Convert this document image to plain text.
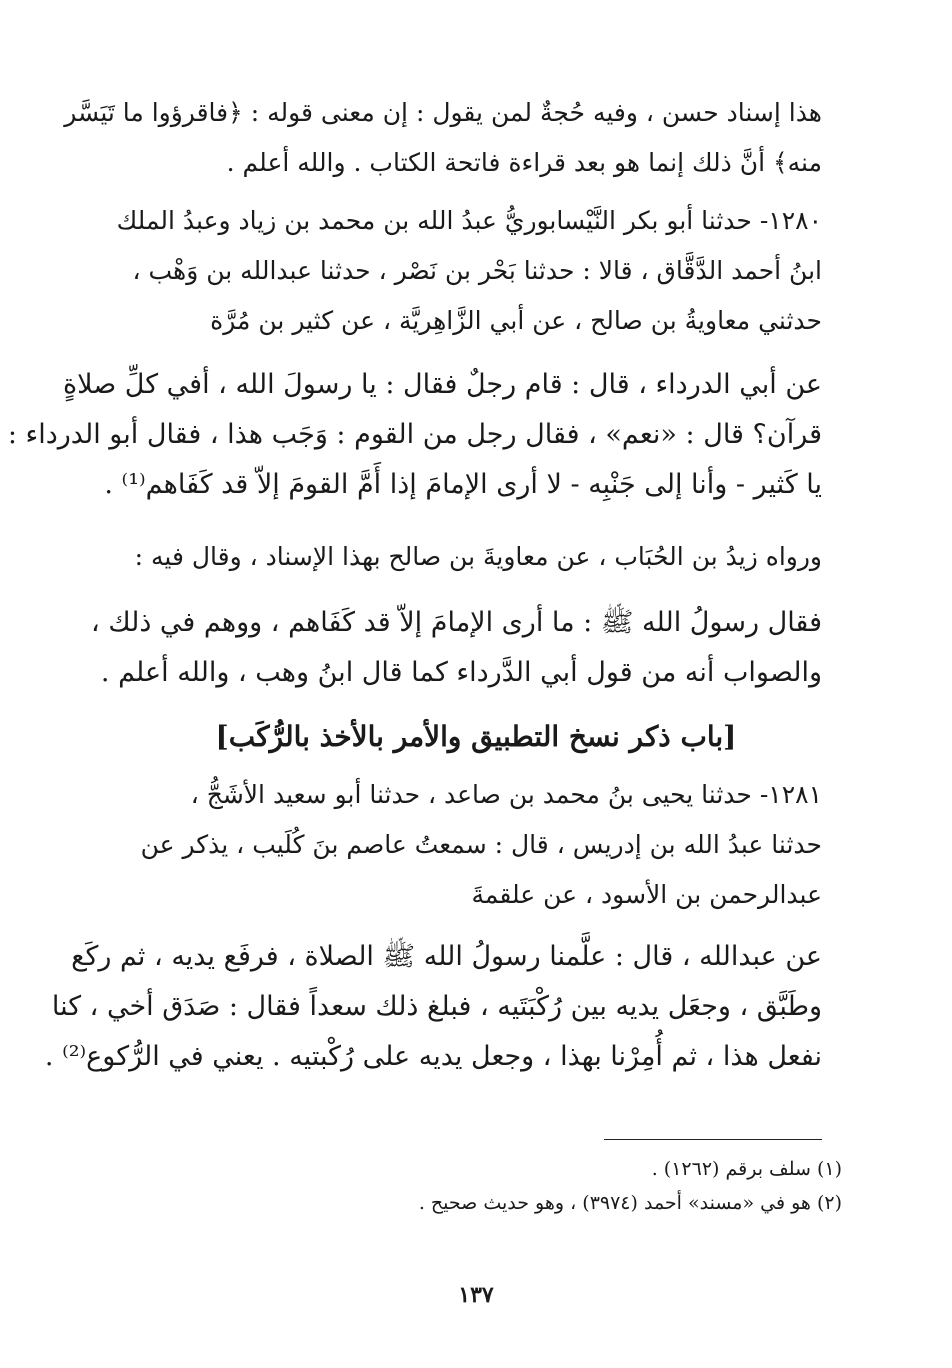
هذا إسناد حسن ، وفيه حُجةٌ لمن يقول : إن معنى قوله : ﴿فاقرؤوا ما تَيَسَّر
منه﴾ أنَّ ذلك إنما هو بعد قراءة فاتحة الكتاب . والله أعلم .

١٢٨٠- حدثنا أبو بكر النَّيْسابوريُّ عبدُ الله بن محمد بن زياد وعبدُ الملك
ابنُ أحمد الدَّقَّاق ، قالا : حدثنا بَحْر بن نَصْر ، حدثنا عبدالله بن وَهْب ،
حدثني معاويةُ بن صالح ، عن أبي الزَّاهِريَّة ، عن كثير بن مُرَّة

عن أبي الدرداء ، قال : قام رجلٌ فقال : يا رسولَ الله ، أفي كلِّ صلاةٍ
قرآن؟ قال : «نعم» ، فقال رجل من القوم : وَجَب هذا ، فقال أبو الدرداء :
يا كَثير - وأنا إلى جَنْبِه - لا أرى الإمامَ إذا أَمَّ القومَ إلاّ قد كَفَاهم⁽¹⁾ .

ورواه زيدُ بن الحُبَاب ، عن معاويةَ بن صالح بهذا الإسناد ، وقال فيه :

فقال رسولُ الله ﷺ : ما أرى الإمامَ إلاّ قد كَفَاهم ، ووهم في ذلك ،
والصواب أنه من قول أبي الدَّرداء كما قال ابنُ وهب ، والله أعلم .

[باب ذكر نسخ التطبيق والأمر بالأخذ بالرُّكَب]

١٢٨١- حدثنا يحيى بنُ محمد بن صاعد ، حدثنا أبو سعيد الأشَجُّ ،
حدثنا عبدُ الله بن إدريس ، قال : سمعتُ عاصم بنَ كُلَيب ، يذكر عن
عبدالرحمن بن الأسود ، عن علقمةَ

عن عبدالله ، قال : علَّمنا رسولُ الله ﷺ الصلاة ، فرفَع يديه ، ثم ركَع
وطَبَّق ، وجعَل يديه بين رُكْبَتَيه ، فبلغ ذلك سعداً فقال : صَدَق أخي ، كنا
نفعل هذا ، ثم أُمِرْنا بهذا ، وجعل يديه على رُكْبتيه . يعني في الرُّكوع⁽²⁾ .

(١) سلف برقم (١٢٦٢) .
(٢) هو في «مسند» أحمد (٣٩٧٤) ، وهو حديث صحيح .
١٣٧
